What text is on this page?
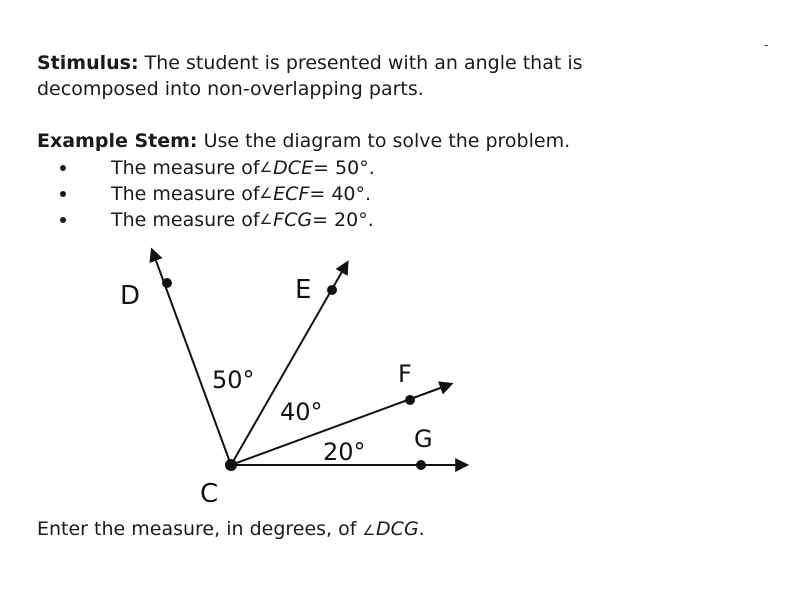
-
Stimulus: The student is presented with an angle that is
decomposed into non-overlapping parts.
Example Stem: Use the diagram to solve the problem.
The measure of ∠ DCE = 50°.
The measure of ∠ ECF = 40°.
The measure of ∠ FCG = 20°.
D	E
F
G
C
50°
40°
20°
Enter the measure, in degrees, of ∠DCG.
